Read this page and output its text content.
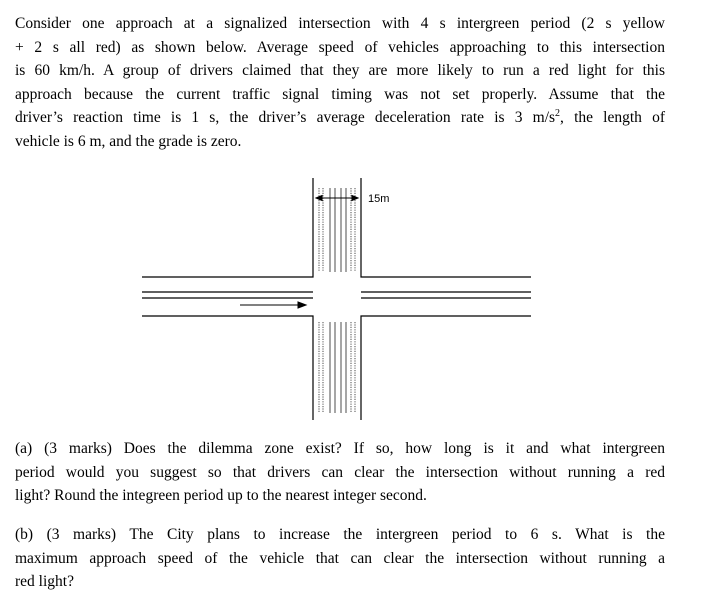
Consider one approach at a signalized intersection with 4 s intergreen period (2 s yellow
+ 2 s all red) as shown below. Average speed of vehicles approaching to this intersection
is 60 km/h. A group of drivers claimed that they are more likely to run a red light for this
approach because the current traffic signal timing was not set properly. Assume that the
driver’s reaction time is 1 s, the driver’s average deceleration rate is 3 $m/s^2$, the length of
vehicle is 6 m, and the grade is zero.
15m
(a) (3 marks) Does the dilemma zone exist? If so, how long is it and what intergreen
period would you suggest so that drivers can clear the intersection without running a red
light? Round the integreen period up to the nearest integer second.
(b) (3 marks) The City plans to increase the intergreen period to 6 s. What is the
maximum approach speed of the vehicle that can clear the intersection without running a
red light?
